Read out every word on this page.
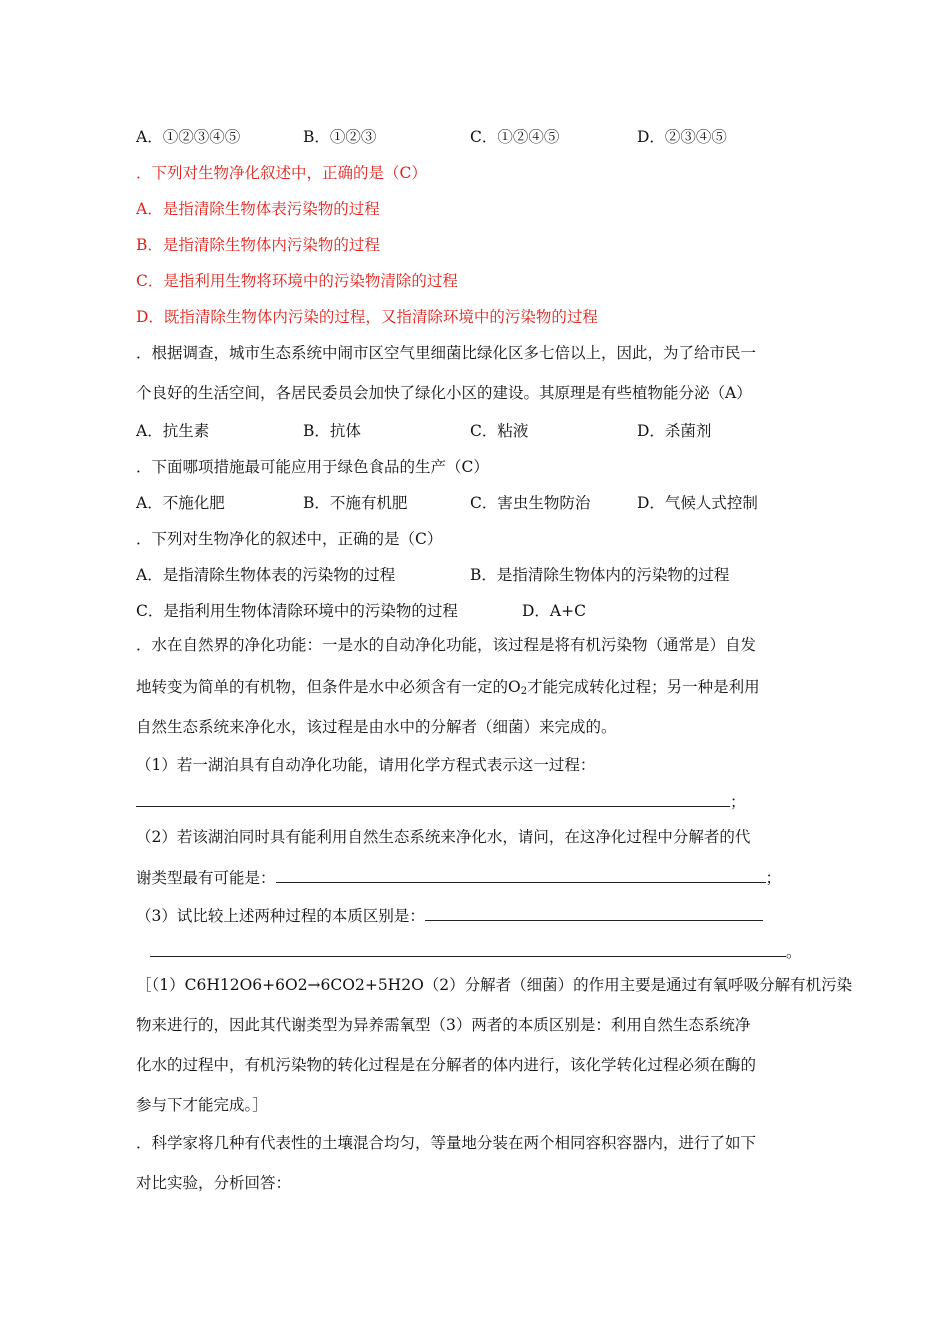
A．①②③④⑤	B．①②③	C．①②④⑤	D．②③④⑤
．下列对生物净化叙述中，正确的是（C）
A．是指清除生物体表污染物的过程
B．是指清除生物体内污染物的过程
C．是指利用生物将环境中的污染物清除的过程
D．既指清除生物体内污染的过程，又指清除环境中的污染物的过程
．根据调查，城市生态系统中闹市区空气里细菌比绿化区多七倍以上，因此，为了给市民一
个良好的生活空间，各居民委员会加快了绿化小区的建设。其原理是有些植物能分泌（A）
A．抗生素	B．抗体	C．粘液	D．杀菌剂
．下面哪项措施最可能应用于绿色食品的生产（C）
A．不施化肥	B．不施有机肥	C．害虫生物防治	D．气候人式控制
．下列对生物净化的叙述中，正确的是（C）
A．是指清除生物体表的污染物的过程	B．是指清除生物体内的污染物的过程
C．是指利用生物体清除环境中的污染物的过程	D．A+C
．水在自然界的净化功能：一是水的自动净化功能，该过程是将有机污染物（通常是）自发
地转变为简单的有机物，但条件是水中必须含有一定的$O_2$才能完成转化过程；另一种是利用
自然生态系统来净化水，该过程是由水中的分解者（细菌）来完成的。
（1）若一湖泊具有自动净化功能，请用化学方程式表示这一过程：
；
（2）若该湖泊同时具有能利用自然生态系统来净化水，请问，在这净化过程中分解者的代
谢类型最有可能是：	；
（3）试比较上述两种过程的本质区别是：
。
［（1）C6H12O6+6O2→6CO2+5H2O（2）分解者（细菌）的作用主要是通过有氧呼吸分解有机污染
物来进行的，因此其代谢类型为异养需氧型（3）两者的本质区别是：利用自然生态系统净
化水的过程中，有机污染物的转化过程是在分解者的体内进行，该化学转化过程必须在酶的
参与下才能完成。］
．科学家将几种有代表性的土壤混合均匀，等量地分装在两个相同容积容器内，进行了如下
对比实验，分析回答：
